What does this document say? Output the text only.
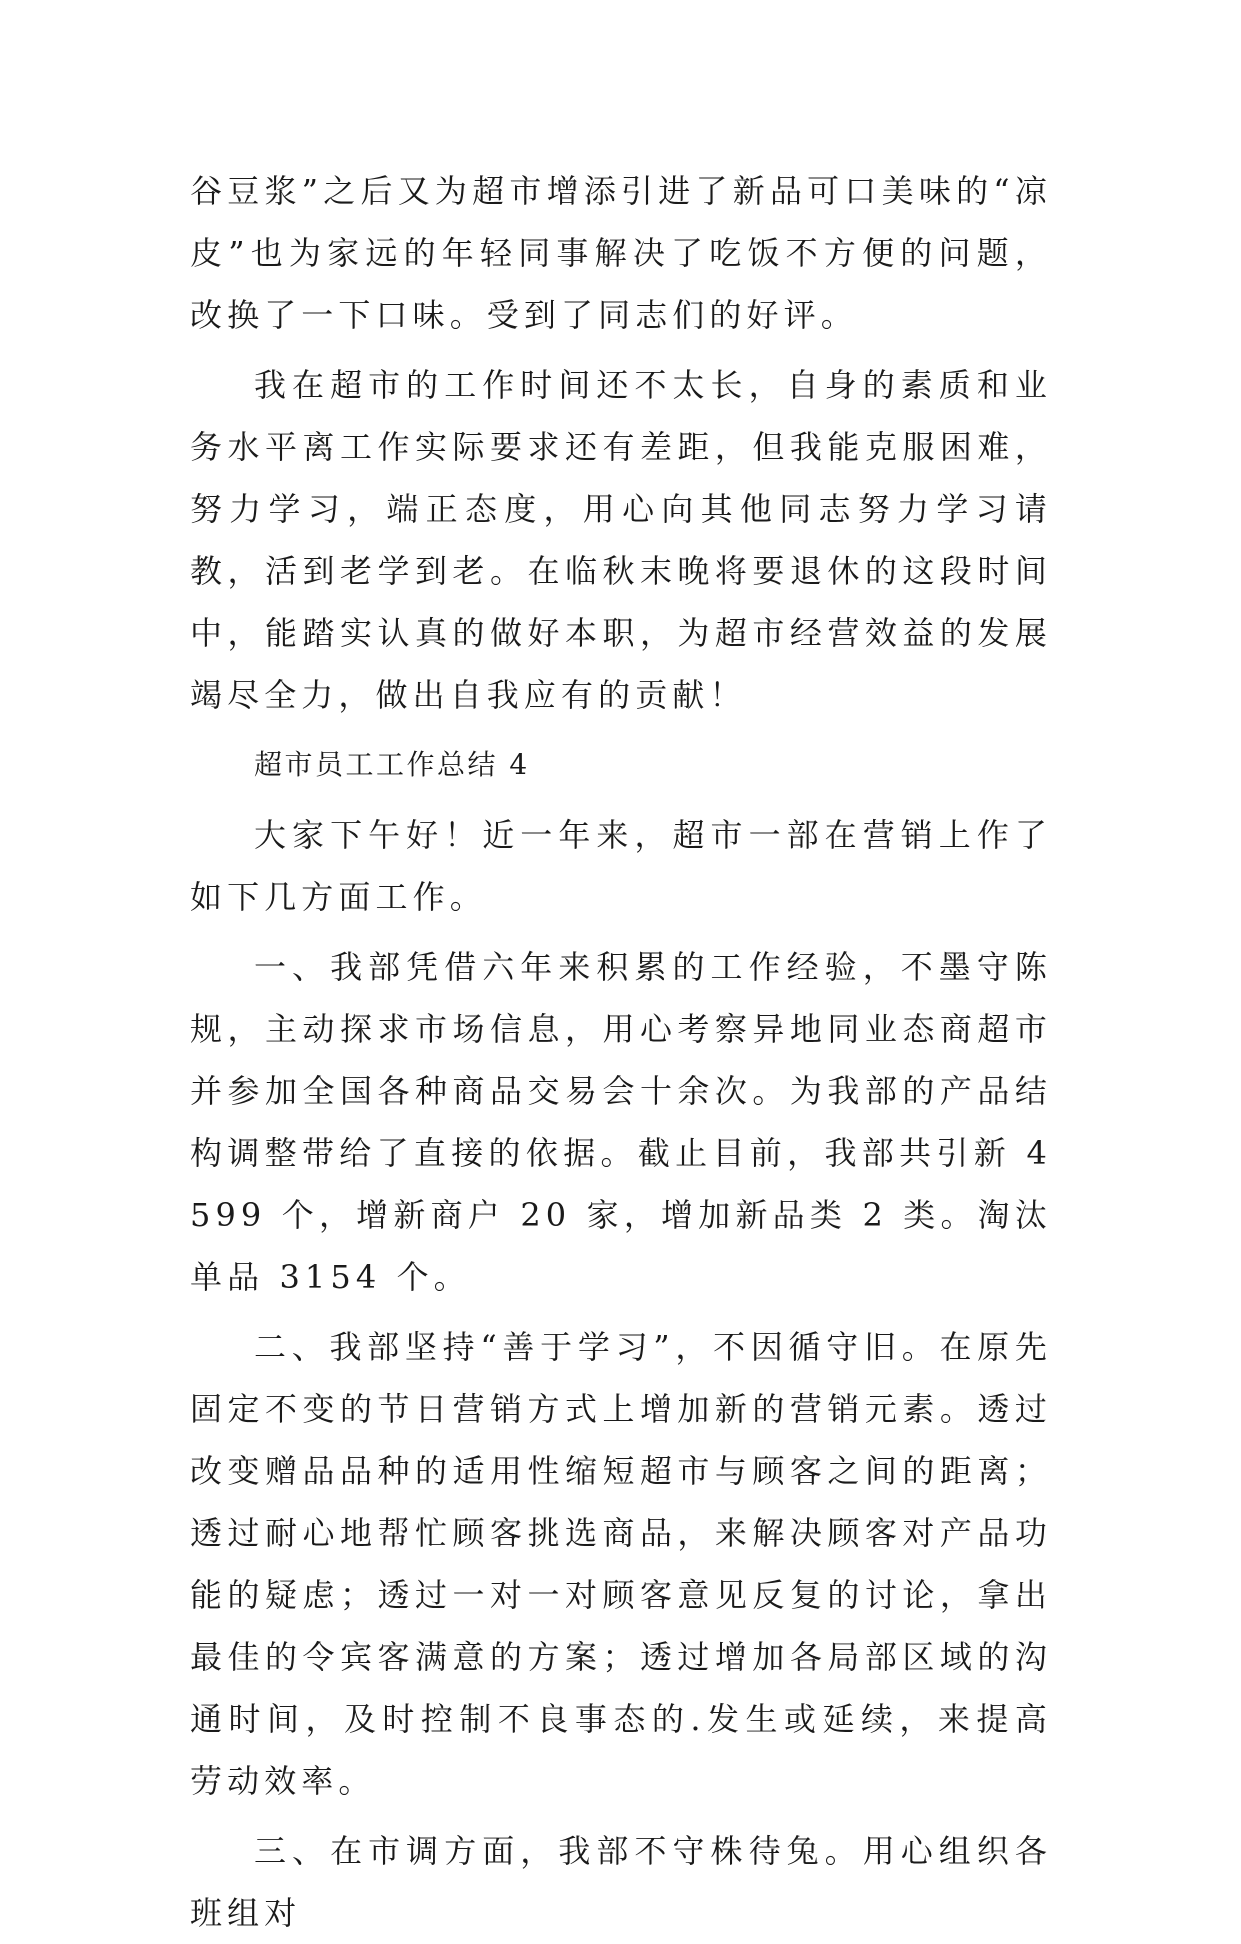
谷豆浆”之后又为超市增添引进了新品可口美味的“凉皮”也为家远的年轻同事解决了吃饭不方便的问题，改换了一下口味。受到了同志们的好评。

我在超市的工作时间还不太长，自身的素质和业务水平离工作实际要求还有差距，但我能克服困难，努力学习，端正态度，用心向其他同志努力学习请教，活到老学到老。在临秋末晚将要退休的这段时间中，能踏实认真的做好本职，为超市经营效益的发展竭尽全力，做出自我应有的贡献！

超市员工工作总结 4

大家下午好！近一年来，超市一部在营销上作了如下几方面工作。

一、我部凭借六年来积累的工作经验，不墨守陈规，主动探求市场信息，用心考察异地同业态商超市并参加全国各种商品交易会十余次。为我部的产品结构调整带给了直接的依据。截止目前，我部共引新 4599 个，增新商户 20 家，增加新品类 2 类。淘汰单品 3154 个。

二、我部坚持“善于学习”，不因循守旧。在原先固定不变的节日营销方式上增加新的营销元素。透过改变赠品品种的适用性缩短超市与顾客之间的距离；透过耐心地帮忙顾客挑选商品，来解决顾客对产品功能的疑虑；透过一对一对顾客意见反复的讨论，拿出最佳的令宾客满意的方案；透过增加各局部区域的沟通时间，及时控制不良事态的.发生或延续，来提高劳动效率。

三、在市调方面，我部不守株待兔。用心组织各班组对
